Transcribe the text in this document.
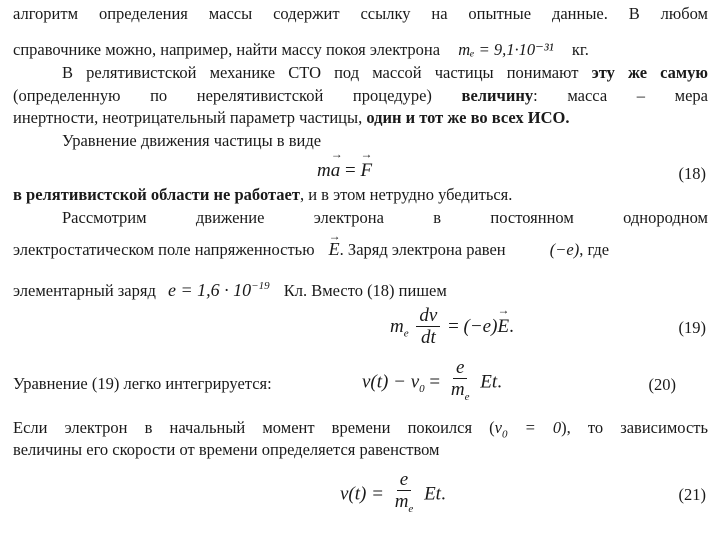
алгоритм определения массы содержит ссылку на опытные данные. В любом
справочнике можно, например, найти массу покоя электрона mₑ = 9,1·10⁻³¹ кг.
В релятивистской механике СТО под массой частицы понимают эту же самую
(определенную по нерелятивистской процедуре) величину: масса – мера
инертности, неотрицательный параметр частицы, один и тот же во всех ИСО.
Уравнение движения частицы в виде
m→ a = → F	(18)
в релятивистской области не работает, и в этом нетрудно убедиться.
Рассмотрим движение электрона в постоянном однородном
электростатическом поле напряженностью → E. Заряд электрона равен	(−e), где
элементарный заряд $e = 1,6 \cdot 10^{-19}$ Кл. Вместо (18) пишем
$m_e \frac{dv}{dt} = (-e)\to E$.	(19)
Уравнение (19) легко интегрируется:	$v(t) - v_0 = \frac{e}{m_e} Et$.	(20)
Если электрон в начальный момент времени покоился $(v_0 = 0)$, то зависимость
величины его скорости от времени определяется равенством
$v(t) = \frac{e}{m_e} Et$.	(21)
